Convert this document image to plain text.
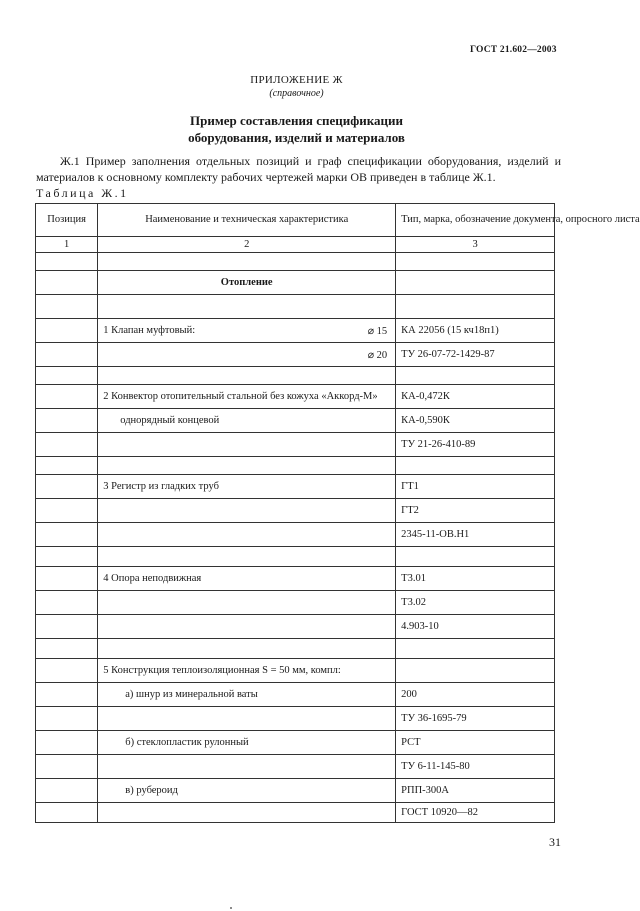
ГОСТ 21.602—2003
ПРИЛОЖЕНИЕ Ж
(справочное)
Пример составления спецификации
оборудования, изделий и материалов
Ж.1 Пример заполнения отдельных позиций и граф спецификации оборудования, изделий и материалов к основному комплекту рабочих чертежей марки ОВ приведен в таблице Ж.1.
Таблица Ж.1
Позиция	Наименование и техническая характеристика	Тип, марка, обозначение документа, опросного листа
1	2	3

	Отопление	

	1 Клапан муфтовый: ⌀ 15	КА 22056 (15 кч18п1)

	⌀ 20	ТУ 26-07-72-1429-87

	2 Конвектор отопительный стальной без кожуха «Аккорд-М»	КА-0,472К
	однорядный концевой	КА-0,590К
		ТУ 21-26-410-89

	3 Регистр из гладких труб	ГТ1
		ГТ2
		2345-11-ОВ.Н1

	4 Опора неподвижная	Т3.01
		Т3.02
		4.903-10

	5 Конструкция теплоизоляционная S = 50 мм, компл:	
	а) шнур из минеральной ваты	200
		ТУ 36-1695-79
	б) стеклопластик рулонный	РСТ
		ТУ 6-11-145-80
	в) рубероид	РПП-300А
		ГОСТ 10920—82
31
